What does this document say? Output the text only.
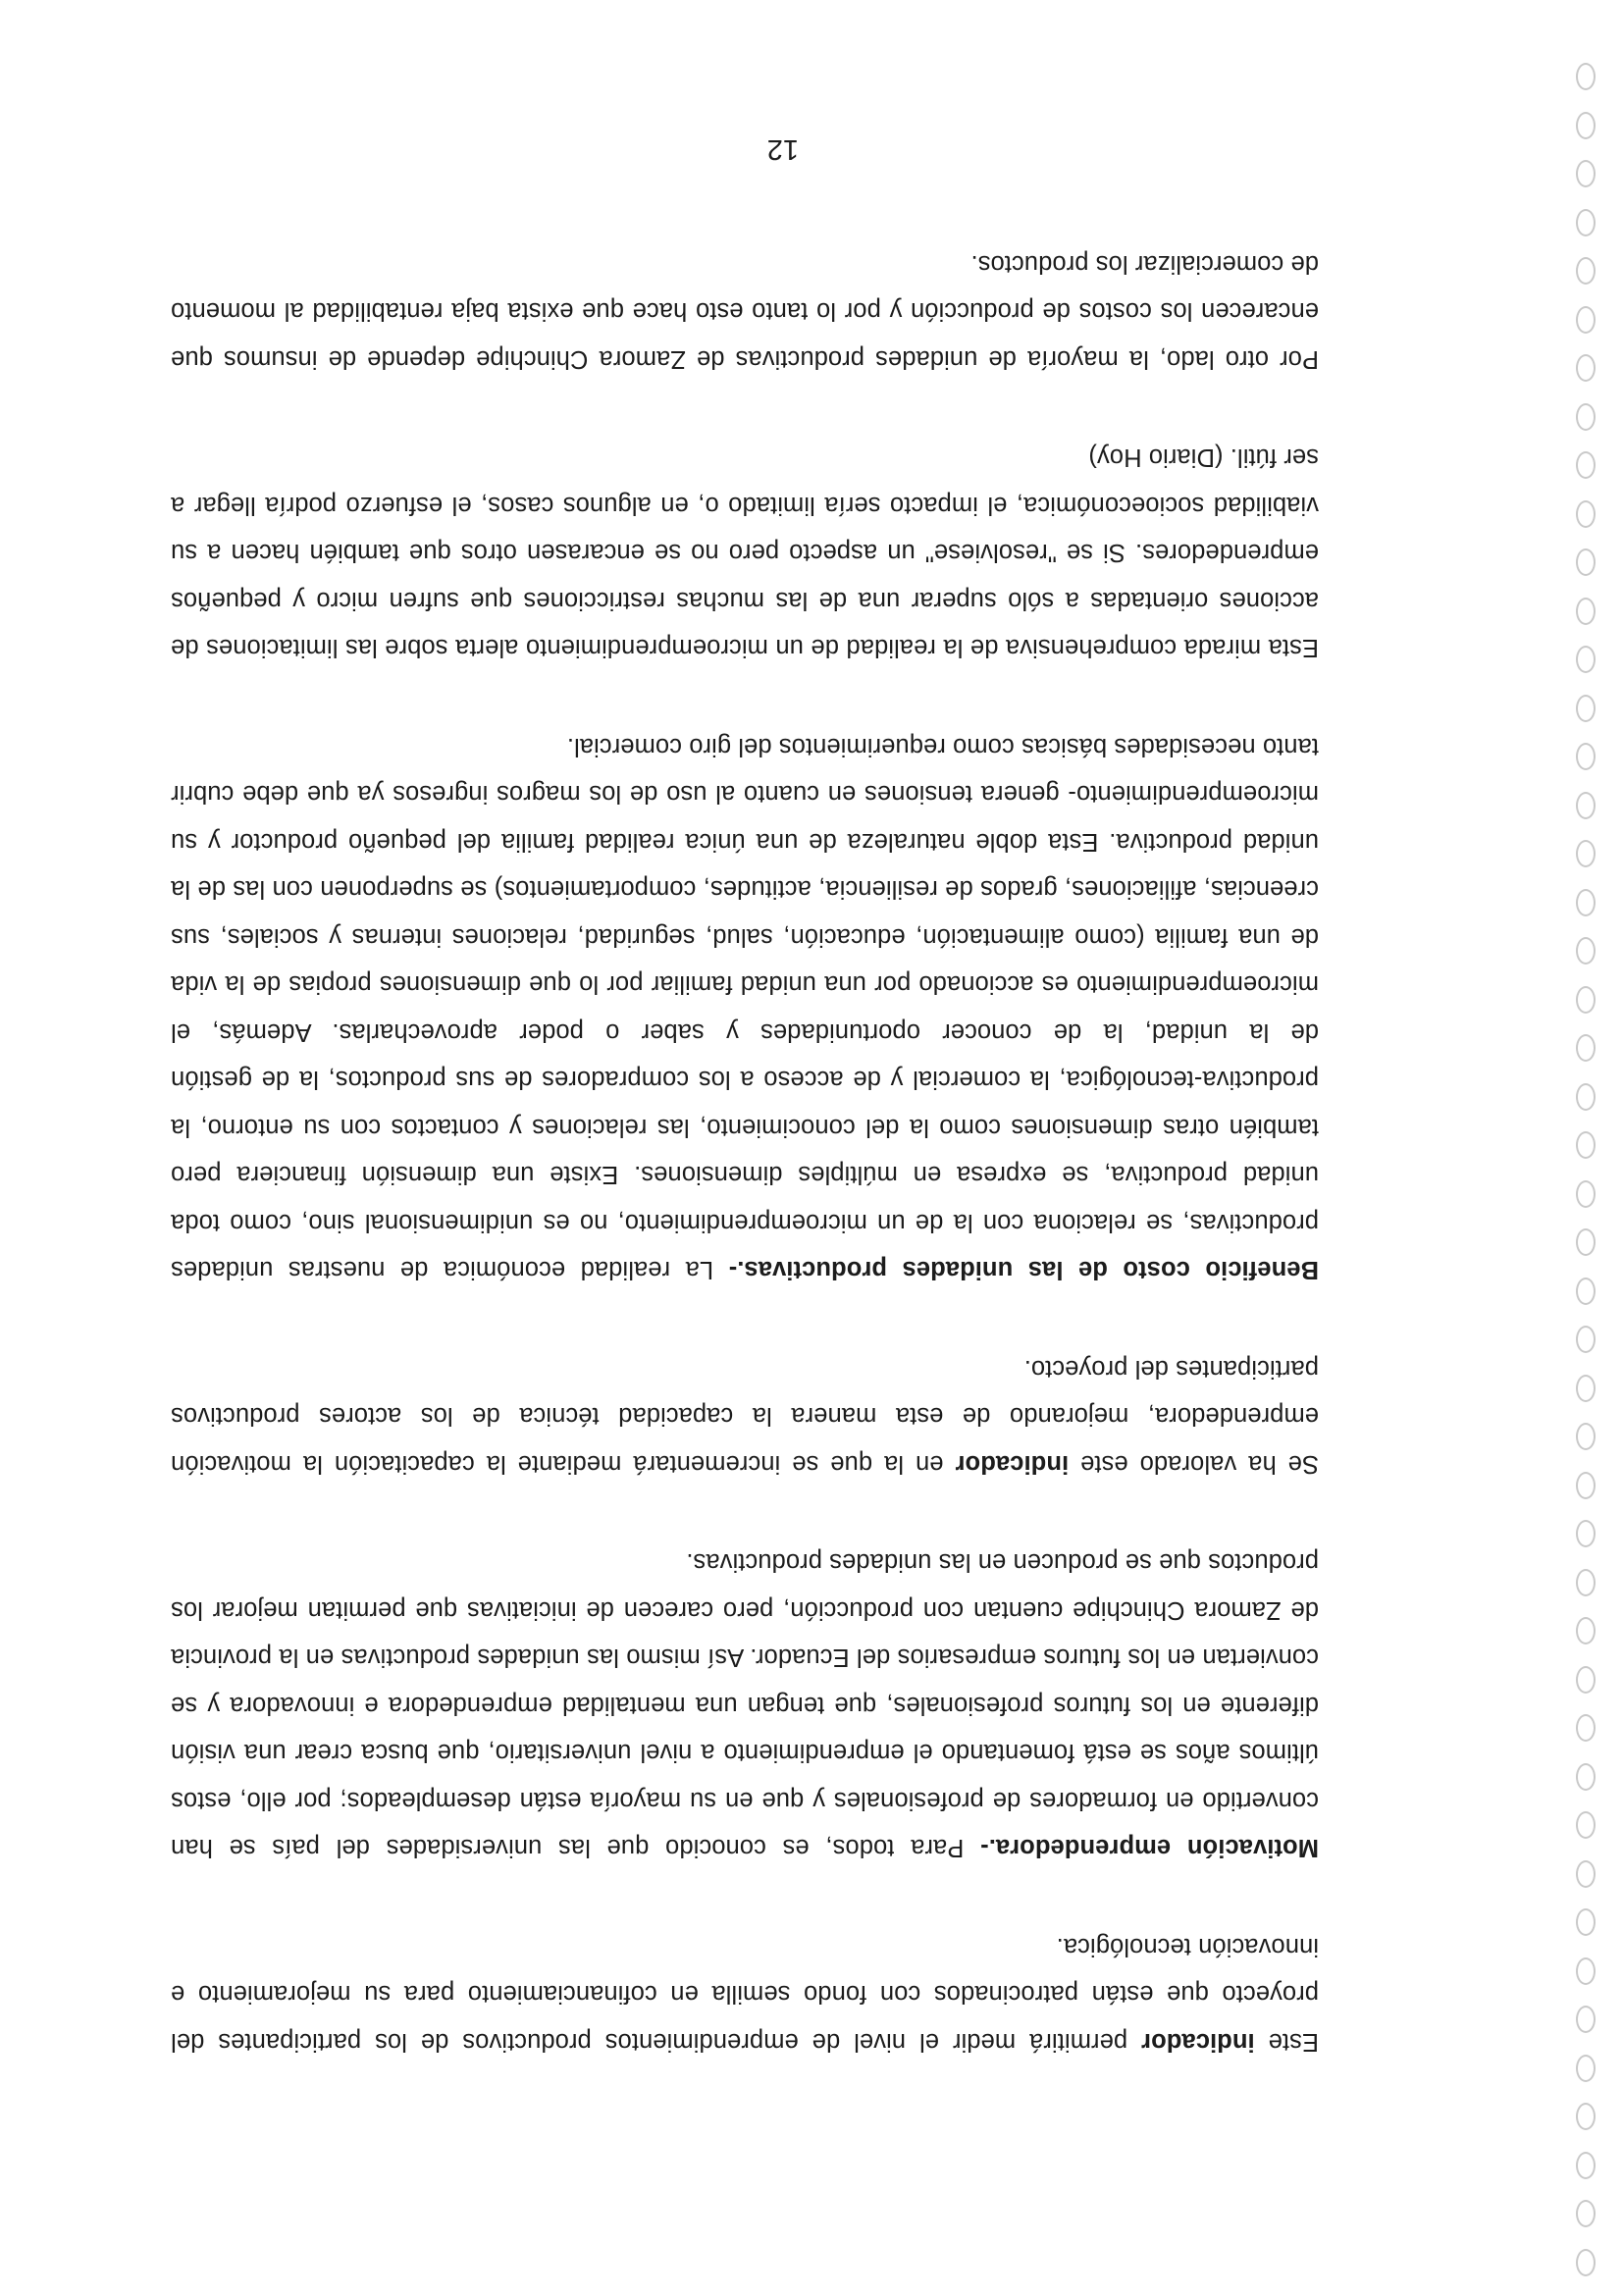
Este indicador permitirá medir el nivel de emprendimientos productivos de los participantes del proyecto que están patrocinados con fondo semilla en cofinanciamiento para su mejoramiento e innovación tecnológica.

Motivación emprendedora.- Para todos, es conocido que las universidades del país se han convertido en formadores de profesionales y que en su mayoría están desempleados; por ello, estos últimos años se está fomentando el emprendimiento a nivel universitario, que busca crear una visión diferente en los futuros profesionales, que tengan una mentalidad emprendedora e innovadora y se conviertan en los futuros empresarios del Ecuador. Así mismo las unidades productivas en la provincia de Zamora Chinchipe cuentan con producción, pero carecen de iniciativas que permitan mejorar los productos que se producen en las unidades productivas.

Se ha valorado este indicador en la que se incrementará mediante la capacitación la motivación emprendedora, mejorando de esta manera la capacidad técnica de los actores productivos participantes del proyecto.

Beneficio costo de las unidades productivas.- La realidad económica de nuestras unidades productivas, se relaciona con la de un microemprendimiento, no es unidimensional sino, como toda unidad productiva, se expresa en múltiples dimensiones. Existe una dimensión financiera pero también otras dimensiones como la del conocimiento, las relaciones y contactos con su entorno, la productiva-tecnológica, la comercial y de acceso a los compradores de sus productos, la de gestión de la unidad, la de conocer oportunidades y saber o poder aprovecharlas. Además, el microemprendimiento es accionado por una unidad familiar por lo que dimensiones propias de la vida de una familia (como alimentación, educación, salud, seguridad, relaciones internas y sociales, sus creencias, afiliaciones, grados de resiliencia, actitudes, comportamientos) se superponen con las de la unidad productiva. Esta doble naturaleza de una única realidad familia del pequeño productor y su microemprendimiento- genera tensiones en cuanto al uso de los magros ingresos ya que debe cubrir tanto necesidades básicas como requerimientos del giro comercial.

Esta mirada comprehensiva de la realidad de un microemprendimiento alerta sobre las limitaciones de acciones orientadas a sólo superar una de las muchas restricciones que sufren micro y pequeños emprendedores. Si se "resolviese" un aspecto pero no se encarasen otros que también hacen a su viabilidad socioeconómica, el impacto sería limitado o, en algunos casos, el esfuerzo podría llegar a ser fútil. (Diario Hoy)

Por otro lado, la mayoría de unidades productivas de Zamora Chinchipe depende de insumos que encarecen los costos de producción y por lo tanto esto hace que exista baja rentabilidad al momento de comercializar los productos.

12
